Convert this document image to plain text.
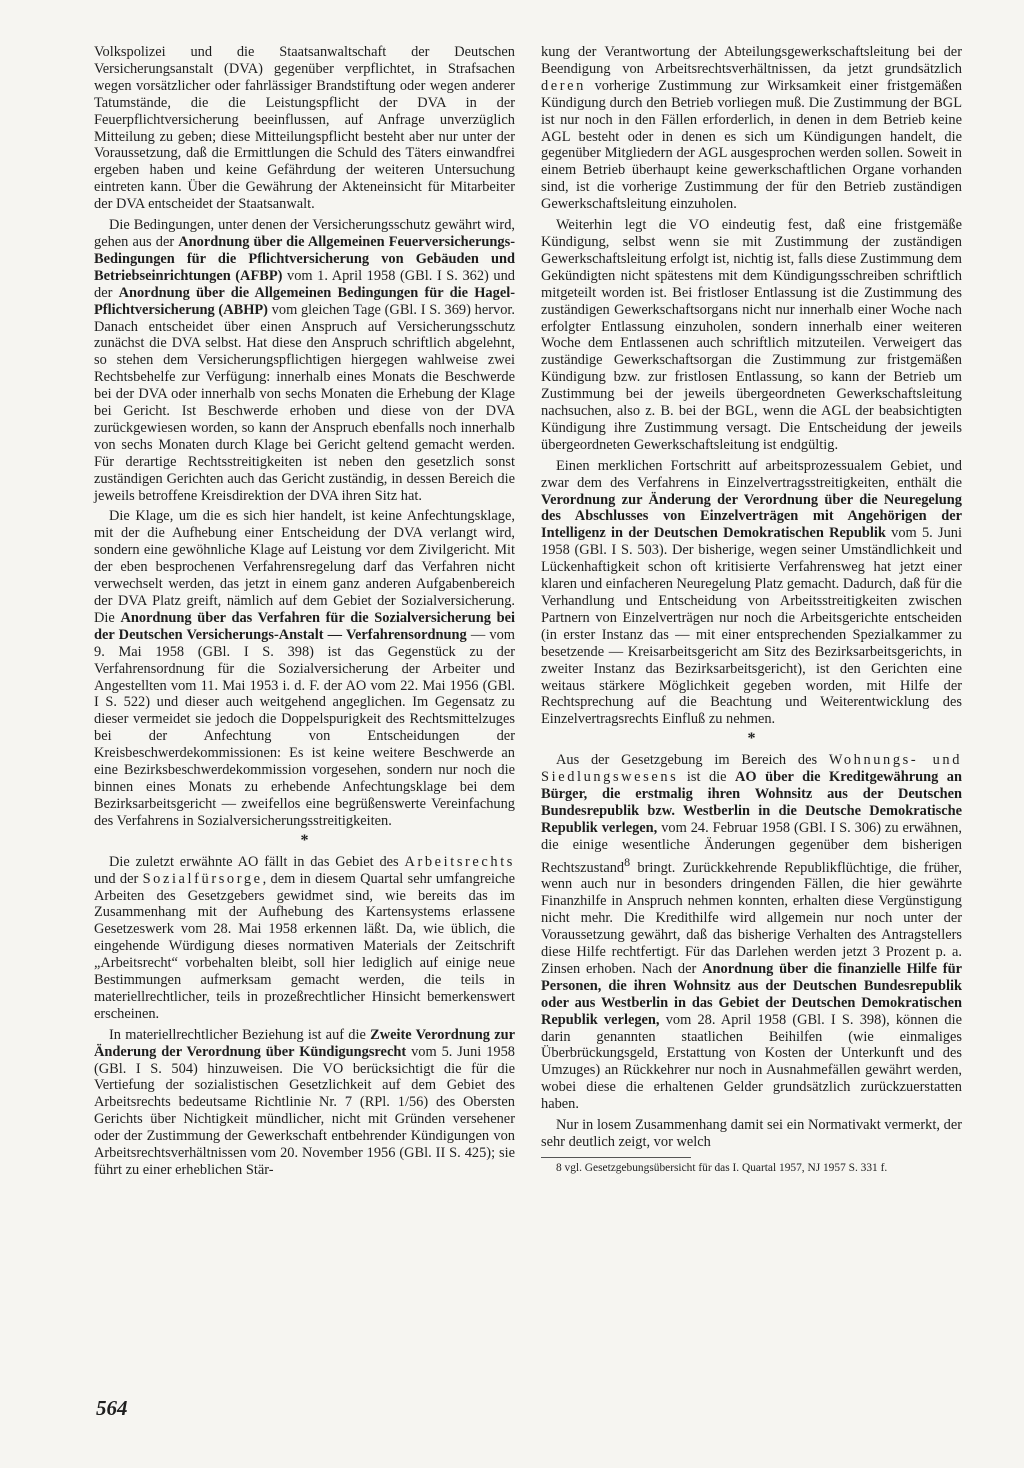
Volkspolizei und die Staatsanwaltschaft der Deutschen Versicherungsanstalt (DVA) gegenüber verpflichtet, in Strafsachen wegen vorsätzlicher oder fahrlässiger Brandstiftung oder wegen anderer Tatumstände, die die Leistungspflicht der DVA in der Feuerpflichtversicherung beeinflussen, auf Anfrage unverzüglich Mitteilung zu geben; diese Mitteilungspflicht besteht aber nur unter der Voraussetzung, daß die Ermittlungen die Schuld des Täters einwandfrei ergeben haben und keine Gefährdung der weiteren Untersuchung eintreten kann. Über die Gewährung der Akteneinsicht für Mitarbeiter der DVA entscheidet der Staatsanwalt.

Die Bedingungen, unter denen der Versicherungsschutz gewährt wird, gehen aus der Anordnung über die Allgemeinen Feuerversicherungs-Bedingungen für die Pflichtversicherung von Gebäuden und Betriebseinrichtungen (AFBP) vom 1. April 1958 (GBl. I S. 362) und der Anordnung über die Allgemeinen Bedingungen für die Hagel-Pflichtversicherung (ABHP) vom gleichen Tage (GBl. I S. 369) hervor. Danach entscheidet über einen Anspruch auf Versicherungsschutz zunächst die DVA selbst. Hat diese den Anspruch schriftlich abgelehnt, so stehen dem Versicherungspflichtigen hiergegen wahlweise zwei Rechtsbehelfe zur Verfügung: innerhalb eines Monats die Beschwerde bei der DVA oder innerhalb von sechs Monaten die Erhebung der Klage bei Gericht. Ist Beschwerde erhoben und diese von der DVA zurückgewiesen worden, so kann der Anspruch ebenfalls noch innerhalb von sechs Monaten durch Klage bei Gericht geltend gemacht werden. Für derartige Rechtsstreitigkeiten ist neben den gesetzlich sonst zuständigen Gerichten auch das Gericht zuständig, in dessen Bereich die jeweils betroffene Kreisdirektion der DVA ihren Sitz hat.

Die Klage, um die es sich hier handelt, ist keine Anfechtungsklage, mit der die Aufhebung einer Entscheidung der DVA verlangt wird, sondern eine gewöhnliche Klage auf Leistung vor dem Zivilgericht. Mit der eben besprochenen Verfahrensregelung darf das Verfahren nicht verwechselt werden, das jetzt in einem ganz anderen Aufgabenbereich der DVA Platz greift, nämlich auf dem Gebiet der Sozialversicherung. Die Anordnung über das Verfahren für die Sozialversicherung bei der Deutschen Versicherungs-Anstalt — Verfahrensordnung — vom 9. Mai 1958 (GBl. I S. 398) ist das Gegenstück zu der Verfahrensordnung für die Sozialversicherung der Arbeiter und Angestellten vom 11. Mai 1953 i. d. F. der AO vom 22. Mai 1956 (GBl. I S. 522) und dieser auch weitgehend angeglichen. Im Gegensatz zu dieser vermeidet sie jedoch die Doppelspurigkeit des Rechtsmittelzuges bei der Anfechtung von Entscheidungen der Kreisbeschwerdekommissionen: Es ist keine weitere Beschwerde an eine Bezirksbeschwerdekommission vorgesehen, sondern nur noch die binnen eines Monats zu erhebende Anfechtungsklage bei dem Bezirksarbeitsgericht — zweifellos eine begrüßenswerte Vereinfachung des Verfahrens in Sozialversicherungsstreitigkeiten.

*

Die zuletzt erwähnte AO fällt in das Gebiet des Arbeitsrechts und der Sozialfürsorge, dem in diesem Quartal sehr umfangreiche Arbeiten des Gesetzgebers gewidmet sind, wie bereits das im Zusammenhang mit der Aufhebung des Kartensystems erlassene Gesetzeswerk vom 28. Mai 1958 erkennen läßt. Da, wie üblich, die eingehende Würdigung dieses normativen Materials der Zeitschrift „Arbeitsrecht“ vorbehalten bleibt, soll hier lediglich auf einige neue Bestimmungen aufmerksam gemacht werden, die teils in materiellrechtlicher, teils in prozeßrechtlicher Hinsicht bemerkenswert erscheinen.

In materiellrechtlicher Beziehung ist auf die Zweite Verordnung zur Änderung der Verordnung über Kündigungsrecht vom 5. Juni 1958 (GBl. I S. 504) hinzuweisen. Die VO berücksichtigt die für die Vertiefung der sozialistischen Gesetzlichkeit auf dem Gebiet des Arbeitsrechts bedeutsame Richtlinie Nr. 7 (RPl. 1/56) des Obersten Gerichts über Nichtigkeit mündlicher, nicht mit Gründen versehener oder der Zustimmung der Gewerkschaft entbehrender Kündigungen von Arbeitsrechtsverhältnissen vom 20. November 1956 (GBl. II S. 425); sie führt zu einer erheblichen Stär-

kung der Verantwortung der Abteilungsgewerkschaftsleitung bei der Beendigung von Arbeitsrechtsverhältnissen, da jetzt grundsätzlich deren vorherige Zustimmung zur Wirksamkeit einer fristgemäßen Kündigung durch den Betrieb vorliegen muß. Die Zustimmung der BGL ist nur noch in den Fällen erforderlich, in denen in dem Betrieb keine AGL besteht oder in denen es sich um Kündigungen handelt, die gegenüber Mitgliedern der AGL ausgesprochen werden sollen. Soweit in einem Betrieb überhaupt keine gewerkschaftlichen Organe vorhanden sind, ist die vorherige Zustimmung der für den Betrieb zuständigen Gewerkschaftsleitung einzuholen.

Weiterhin legt die VO eindeutig fest, daß eine fristgemäße Kündigung, selbst wenn sie mit Zustimmung der zuständigen Gewerkschaftsleitung erfolgt ist, nichtig ist, falls diese Zustimmung dem Gekündigten nicht spätestens mit dem Kündigungsschreiben schriftlich mitgeteilt worden ist. Bei fristloser Entlassung ist die Zustimmung des zuständigen Gewerkschaftsorgans nicht nur innerhalb einer Woche nach erfolgter Entlassung einzuholen, sondern innerhalb einer weiteren Woche dem Entlassenen auch schriftlich mitzuteilen. Verweigert das zuständige Gewerkschaftsorgan die Zustimmung zur fristgemäßen Kündigung bzw. zur fristlosen Entlassung, so kann der Betrieb um Zustimmung bei der jeweils übergeordneten Gewerkschaftsleitung nachsuchen, also z. B. bei der BGL, wenn die AGL der beabsichtigten Kündigung ihre Zustimmung versagt. Die Entscheidung der jeweils übergeordneten Gewerkschaftsleitung ist endgültig.

Einen merklichen Fortschritt auf arbeitsprozessualem Gebiet, und zwar dem des Verfahrens in Einzelvertragsstreitigkeiten, enthält die Verordnung zur Änderung der Verordnung über die Neuregelung des Abschlusses von Einzelverträgen mit Angehörigen der Intelligenz in der Deutschen Demokratischen Republik vom 5. Juni 1958 (GBl. I S. 503). Der bisherige, wegen seiner Umständlichkeit und Lückenhaftigkeit schon oft kritisierte Verfahrensweg hat jetzt einer klaren und einfacheren Neuregelung Platz gemacht. Dadurch, daß für die Verhandlung und Entscheidung von Arbeitsstreitigkeiten zwischen Partnern von Einzelverträgen nur noch die Arbeitsgerichte entscheiden (in erster Instanz das — mit einer entsprechenden Spezialkammer zu besetzende — Kreisarbeitsgericht am Sitz des Bezirksarbeitsgerichts, in zweiter Instanz das Bezirksarbeitsgericht), ist den Gerichten eine weitaus stärkere Möglichkeit gegeben worden, mit Hilfe der Rechtsprechung auf die Beachtung und Weiterentwicklung des Einzelvertragsrechts Einfluß zu nehmen.

*

Aus der Gesetzgebung im Bereich des Wohnungs- und Siedlungswesens ist die AO über die Kreditgewährung an Bürger, die erstmalig ihren Wohnsitz aus der Deutschen Bundesrepublik bzw. Westberlin in die Deutsche Demokratische Republik verlegen, vom 24. Februar 1958 (GBl. I S. 306) zu erwähnen, die einige wesentliche Änderungen gegenüber dem bisherigen Rechtszustand$^8$ bringt. Zurückkehrende Republikflüchtige, die früher, wenn auch nur in besonders dringenden Fällen, die hier gewährte Finanzhilfe in Anspruch nehmen konnten, erhalten diese Vergünstigung nicht mehr. Die Kredithilfe wird allgemein nur noch unter der Voraussetzung gewährt, daß das bisherige Verhalten des Antragstellers diese Hilfe rechtfertigt. Für das Darlehen werden jetzt 3 Prozent p. a. Zinsen erhoben. Nach der Anordnung über die finanzielle Hilfe für Personen, die ihren Wohnsitz aus der Deutschen Bundesrepublik oder aus Westberlin in das Gebiet der Deutschen Demokratischen Republik verlegen, vom 28. April 1958 (GBl. I S. 398), können die darin genannten staatlichen Beihilfen (wie einmaliges Überbrückungsgeld, Erstattung von Kosten der Unterkunft und des Umzuges) an Rückkehrer nur noch in Ausnahmefällen gewährt werden, wobei diese die erhaltenen Gelder grundsätzlich zurückzuerstatten haben.

Nur in losem Zusammenhang damit sei ein Normativakt vermerkt, der sehr deutlich zeigt, vor welch

8 vgl. Gesetzgebungsübersicht für das I. Quartal 1957, NJ 1957 S. 331 f.

564
